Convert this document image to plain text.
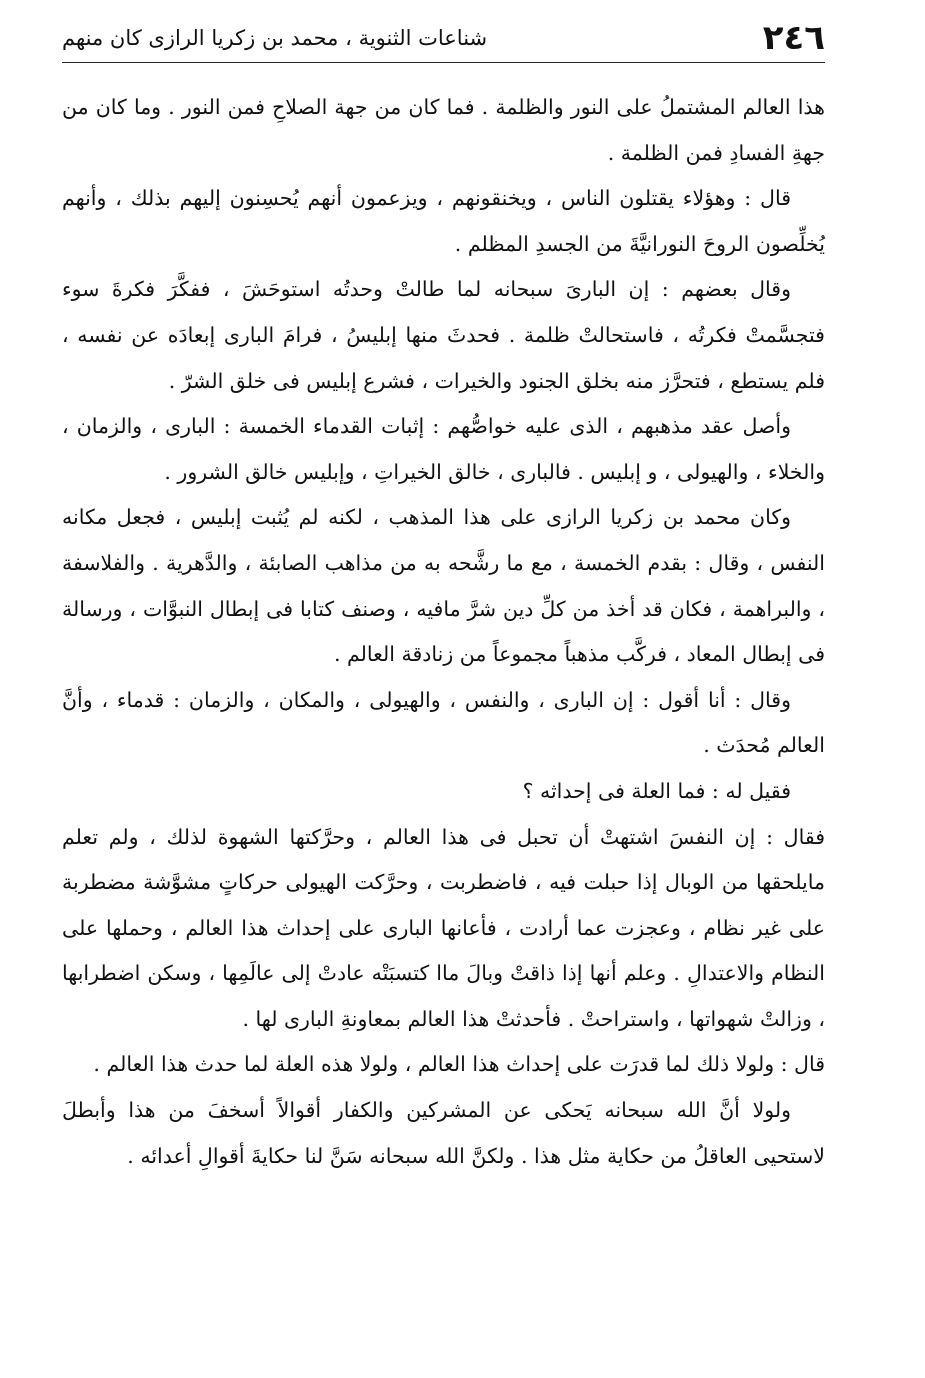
٢٤٦
شناعات الثنوية ، محمد بن زكريا الرازى كان منهم

هذا العالم المشتملُ على النور والظلمة . فما كان من جهة الصلاحِ فمن النور . وما كان من جهةِ الفسادِ فمن الظلمة .

قال : وهؤلاء يقتلون الناس ، ويخنقونهم ، ويزعمون أنهم يُحسِنون إليهم بذلك ، وأنهم يُخلِّصون الروحَ النورانيَّةَ من الجسدِ المظلم .

وقال بعضهم : إن البارىَ سبحانه لما طالتْ وحدتُه استوحَشَ ، ففكَّرَ فكرةَ سوء فتجسَّمتْ فكرتُه ، فاستحالتْ ظلمة . فحدثَ منها إبليسُ ، فرامَ البارى إبعادَه عن نفسه ، فلم يستطع ، فتحرَّز منه بخلق الجنود والخيرات ، فشرع إبليس فى خلق الشرّ .

وأصل عقد مذهبهم ، الذى عليه خواصُّهم : إثبات القدماء الخمسة : البارى ، والزمان ، والخلاء ، والهيولى ، و إبليس . فالبارى ، خالق الخيراتِ ، وإبليس خالق الشرور .

وكان محمد بن زكريا الرازى على هذا المذهب ، لكنه لم يُثبت إبليس ، فجعل مكانه النفس ، وقال : بقدم الخمسة ، مع ما رشَّحه به من مذاهب الصابئة ، والدَّهرية . والفلاسفة ، والبراهمة ، فكان قد أخذ من كلِّ دين شرَّ مافيه ، وصنف كتابا فى إبطال النبوَّات ، ورسالة فى إبطال المعاد ، فركَّب مذهباً مجموعاً من زنادقة العالم .

وقال : أنا أقول : إن البارى ، والنفس ، والهيولى ، والمكان ، والزمان : قدماء ، وأنَّ العالم مُحدَث .

فقيل له : فما العلة فى إحداثه ؟

فقال : إن النفسَ اشتهتْ أن تحبل فى هذا العالم ، وحرَّكتها الشهوة لذلك ، ولم تعلم مايلحقها من الوبال إذا حبلت فيه ، فاضطربت ، وحرَّكت الهيولى حركاتٍ مشوَّشة مضطربة على غير نظام ، وعجزت عما أرادت ، فأعانها البارى على إحداث هذا العالم ، وحملها على النظام والاعتدالِ . وعلم أنها إذا ذاقتْ وبالَ ماا كتسبَتْه عادتْ إلى عالَمِها ، وسكن اضطرابها ، وزالتْ شهواتها ، واستراحتْ . فأحدثتْ هذا العالم بمعاونةِ البارى لها .

قال : ولولا ذلك لما قدرَت على إحداث هذا العالم ، ولولا هذه العلة لما حدث هذا العالم .

ولولا أنَّ الله سبحانه يَحكى عن المشركين والكفار أقوالاً أسخفَ من هذا وأبطلَ لاستحيى العاقلُ من حكاية مثل هذا . ولكنَّ الله سبحانه سَنَّ لنا حكايةَ أقوالِ أعدائه .
